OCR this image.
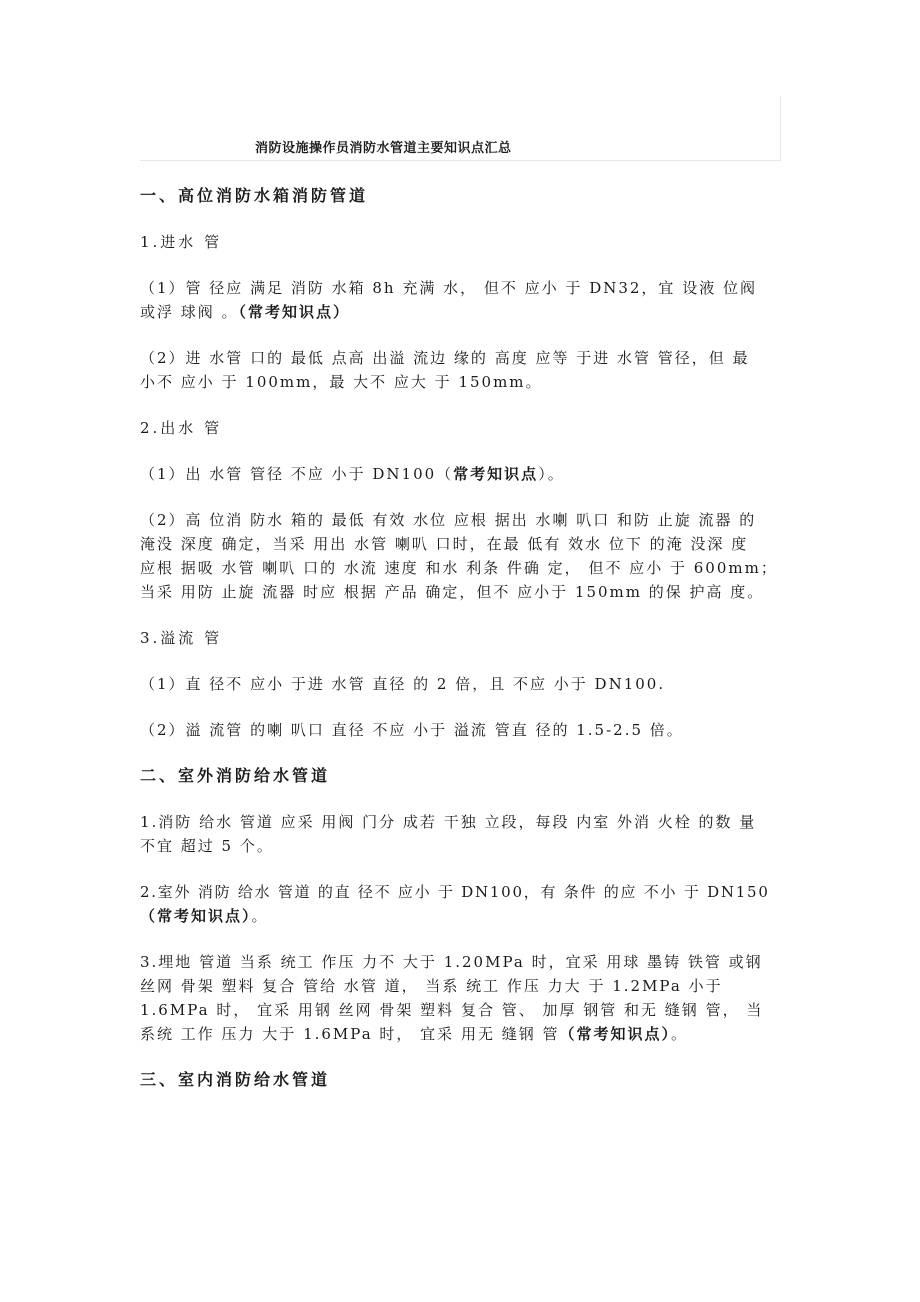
消防设施操作员消防水管道主要知识点汇总
一、高位消防水箱消防管道
1.进水 管
（1）管 径应 满足 消防 水箱 8h 充满 水， 但不 应小 于 DN32，宜 设液 位阀
或浮 球阀 。（常考知识点）
（2）进 水管 口的 最低 点高 出溢 流边 缘的 高度 应等 于进 水管 管径，但 最
小不 应小 于 100mm，最 大不 应大 于 150mm。
2.出水 管
（1）出 水管 管径 不应 小于 DN100（常考知识点）。
（2）高 位消 防水 箱的 最低 有效 水位 应根 据出 水喇 叭口 和防 止旋 流器 的
淹没 深度 确定，当采 用出 水管 喇叭 口时，在最 低有 效水 位下 的淹 没深 度
应根 据吸 水管 喇叭 口的 水流 速度 和水 利条 件确 定， 但不 应小 于 600mm；
当采 用防 止旋 流器 时应 根据 产品 确定，但不 应小于 150mm 的保 护高 度。
3.溢流 管
（1）直 径不 应小 于进 水管 直径 的 2 倍，且 不应 小于 DN100.
（2）溢 流管 的喇 叭口 直径 不应 小于 溢流 管直 径的 1.5-2.5 倍。
二、室外消防给水管道
1.消防 给水 管道 应采 用阀 门分 成若 干独 立段，每段 内室 外消 火栓 的数 量
不宜 超过 5 个。
2.室外 消防 给水 管道 的直 径不 应小 于 DN100，有 条件 的应 不小 于 DN150
（常考知识点）。
3.埋地 管道 当系 统工 作压 力不 大于 1.20MPa 时，宜采 用球 墨铸 铁管 或钢
丝网 骨架 塑料 复合 管给 水管 道， 当系 统工 作压 力大 于 1.2MPa 小于
1.6MPa 时， 宜采 用钢 丝网 骨架 塑料 复合 管、 加厚 钢管 和无 缝钢 管， 当
系统 工作 压力 大于 1.6MPa 时， 宜采 用无 缝钢 管（常考知识点）。
三、室内消防给水管道
